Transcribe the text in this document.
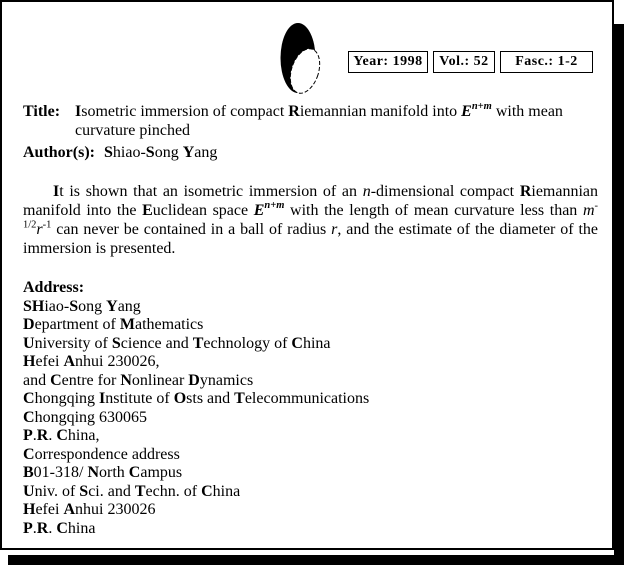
Year: 1998 Vol.: 52 Fasc.: 1-2
Title: Isometric immersion of compact Riemannian manifold into $E^{n+m}$ with mean
curvature pinched
Author(s): Shiao-Song Yang
It is shown that an isometric immersion of an n-dimensional compact Riemannian manifold into the Euclidean space $E^{n+m}$ with the length of mean curvature less than $m^{-1/2}r^{-1}$ can never be contained in a ball of radius r, and the estimate of the diameter of the immersion is presented.
Address:
SHiao-Song Yang
Department of Mathematics
University of Science and Technology of China
Hefei Anhui 230026,
and Centre for Nonlinear Dynamics
Chongqing Institute of Osts and Telecommunications
Chongqing 630065
P.R. China,
Correspondence address
B01-318/ North Campus
Univ. of Sci. and Techn. of China
Hefei Anhui 230026
P.R. China
